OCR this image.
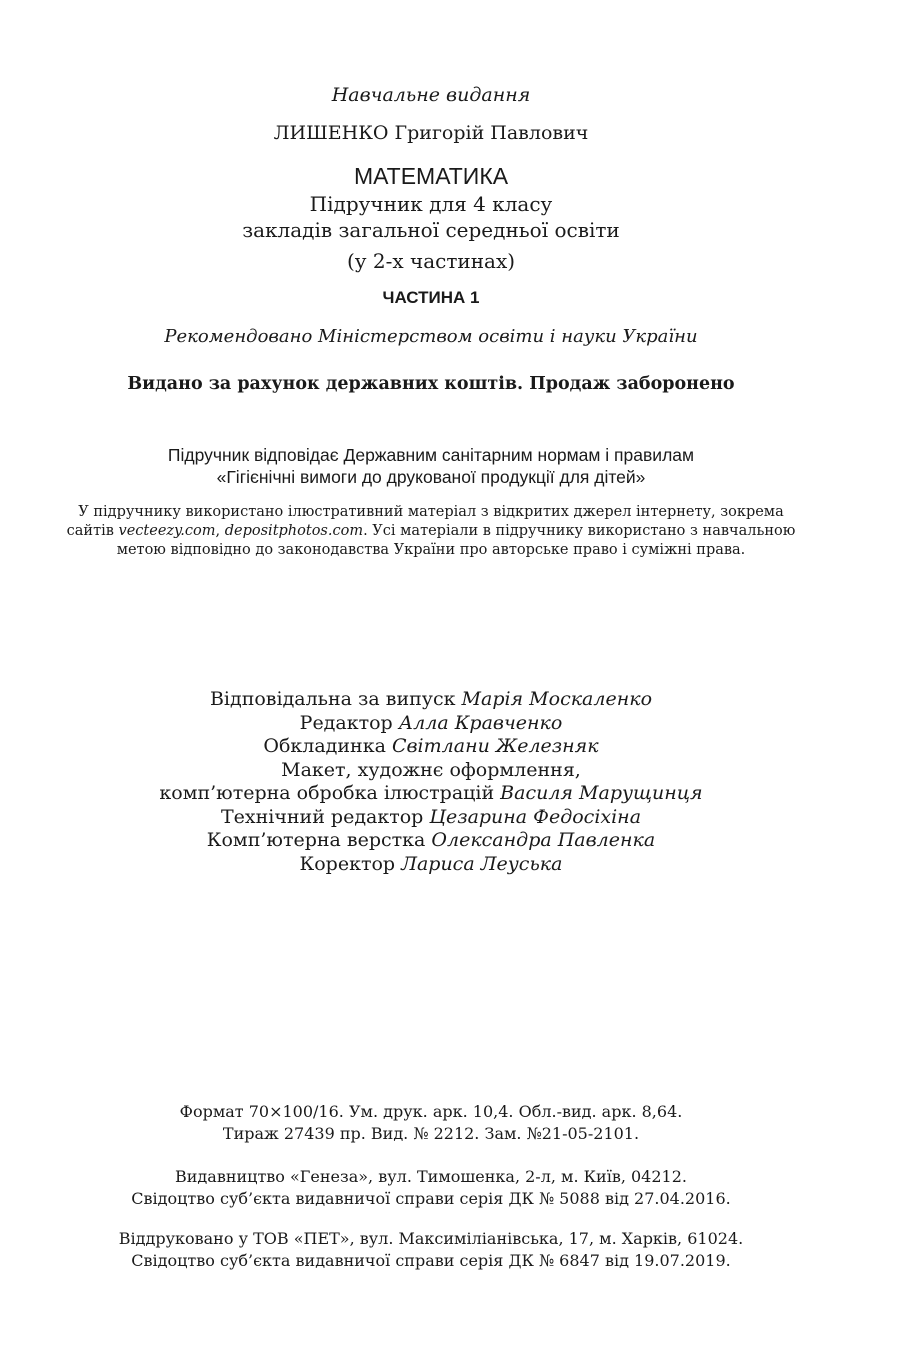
Навчальне видання
ЛИШЕНКО Григорій Павлович
МАТЕМАТИКА
Підручник для 4 класу
закладів загальної середньої освіти
(у 2-х частинах)
ЧАСТИНА 1
Рекомендовано Міністерством освіти і науки України
Видано за рахунок державних коштів. Продаж заборонено
Підручник відповідає Державним санітарним нормам і правилам
«Гігієнічні вимоги до друкованої продукції для дітей»
У підручнику використано ілюстративний матеріал з відкритих джерел інтернету, зокрема
сайтів vecteezy.com, depositphotos.com. Усі матеріали в підручнику використано з навчальною
метою відповідно до законодавства України про авторське право і суміжні права.
Відповідальна за випуск Марія Москаленко
Редактор Алла Кравченко
Обкладинка Світлани Железняк
Макет, художнє оформлення,
комп’ютерна обробка ілюстрацій Василя Марущинця
Технічний редактор Цезарина Федосіхіна
Комп’ютерна верстка Олександра Павленка
Коректор Лариса Леуська
Формат 70×100/16. Ум. друк. арк. 10,4. Обл.-вид. арк. 8,64.
Тираж 27439 пр. Вид. № 2212. Зам. №21-05-2101.
Видавництво «Генеза», вул. Тимошенка, 2-л, м. Київ, 04212.
Свідоцтво суб’єкта видавничої справи серія ДК № 5088 від 27.04.2016.
Віддруковано у ТОВ «ПЕТ», вул. Максиміліанівська, 17, м. Харків, 61024.
Свідоцтво суб’єкта видавничої справи серія ДК № 6847 від 19.07.2019.
